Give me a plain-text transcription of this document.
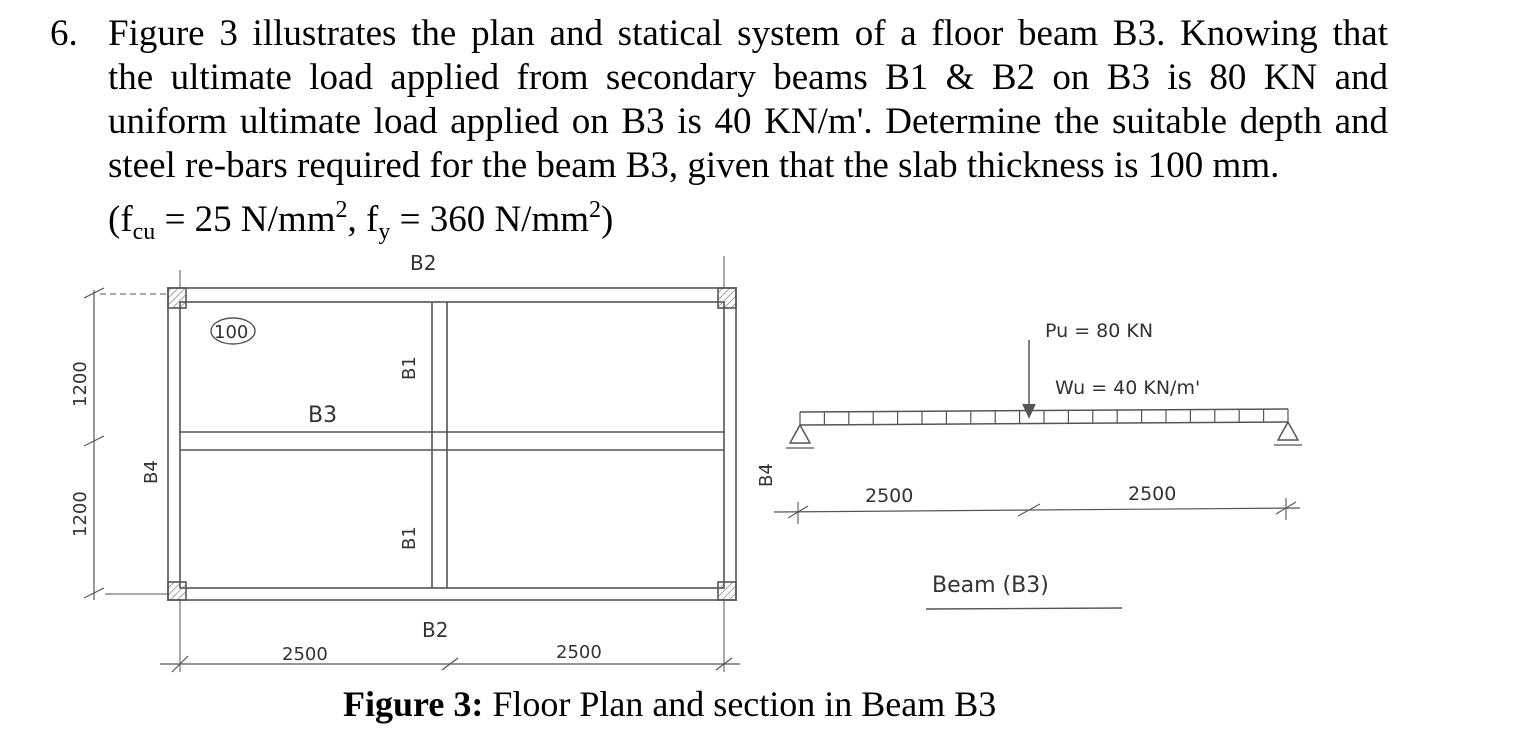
6. Figure 3 illustrates the plan and statical system of a floor beam B3. Knowing that
the ultimate load applied from secondary beams B1 & B2 on B3 is 80 KN and
uniform ultimate load applied on B3 is 40 KN/m'. Determine the suitable depth and
steel re-bars required for the beam B3, given that the slab thickness is 100 mm.
($f_{cu} = 25$ $N/mm^2$, $f_y = 360$ $N/mm^2$)
B2
B2
B3
100
B1
B1
B4
1200
1200
2500	2500
Pu = 80 KN
Wu = 40 KN/m'
B4
2500	2500
Beam (B3)
Figure 3: Floor Plan and section in Beam B3
